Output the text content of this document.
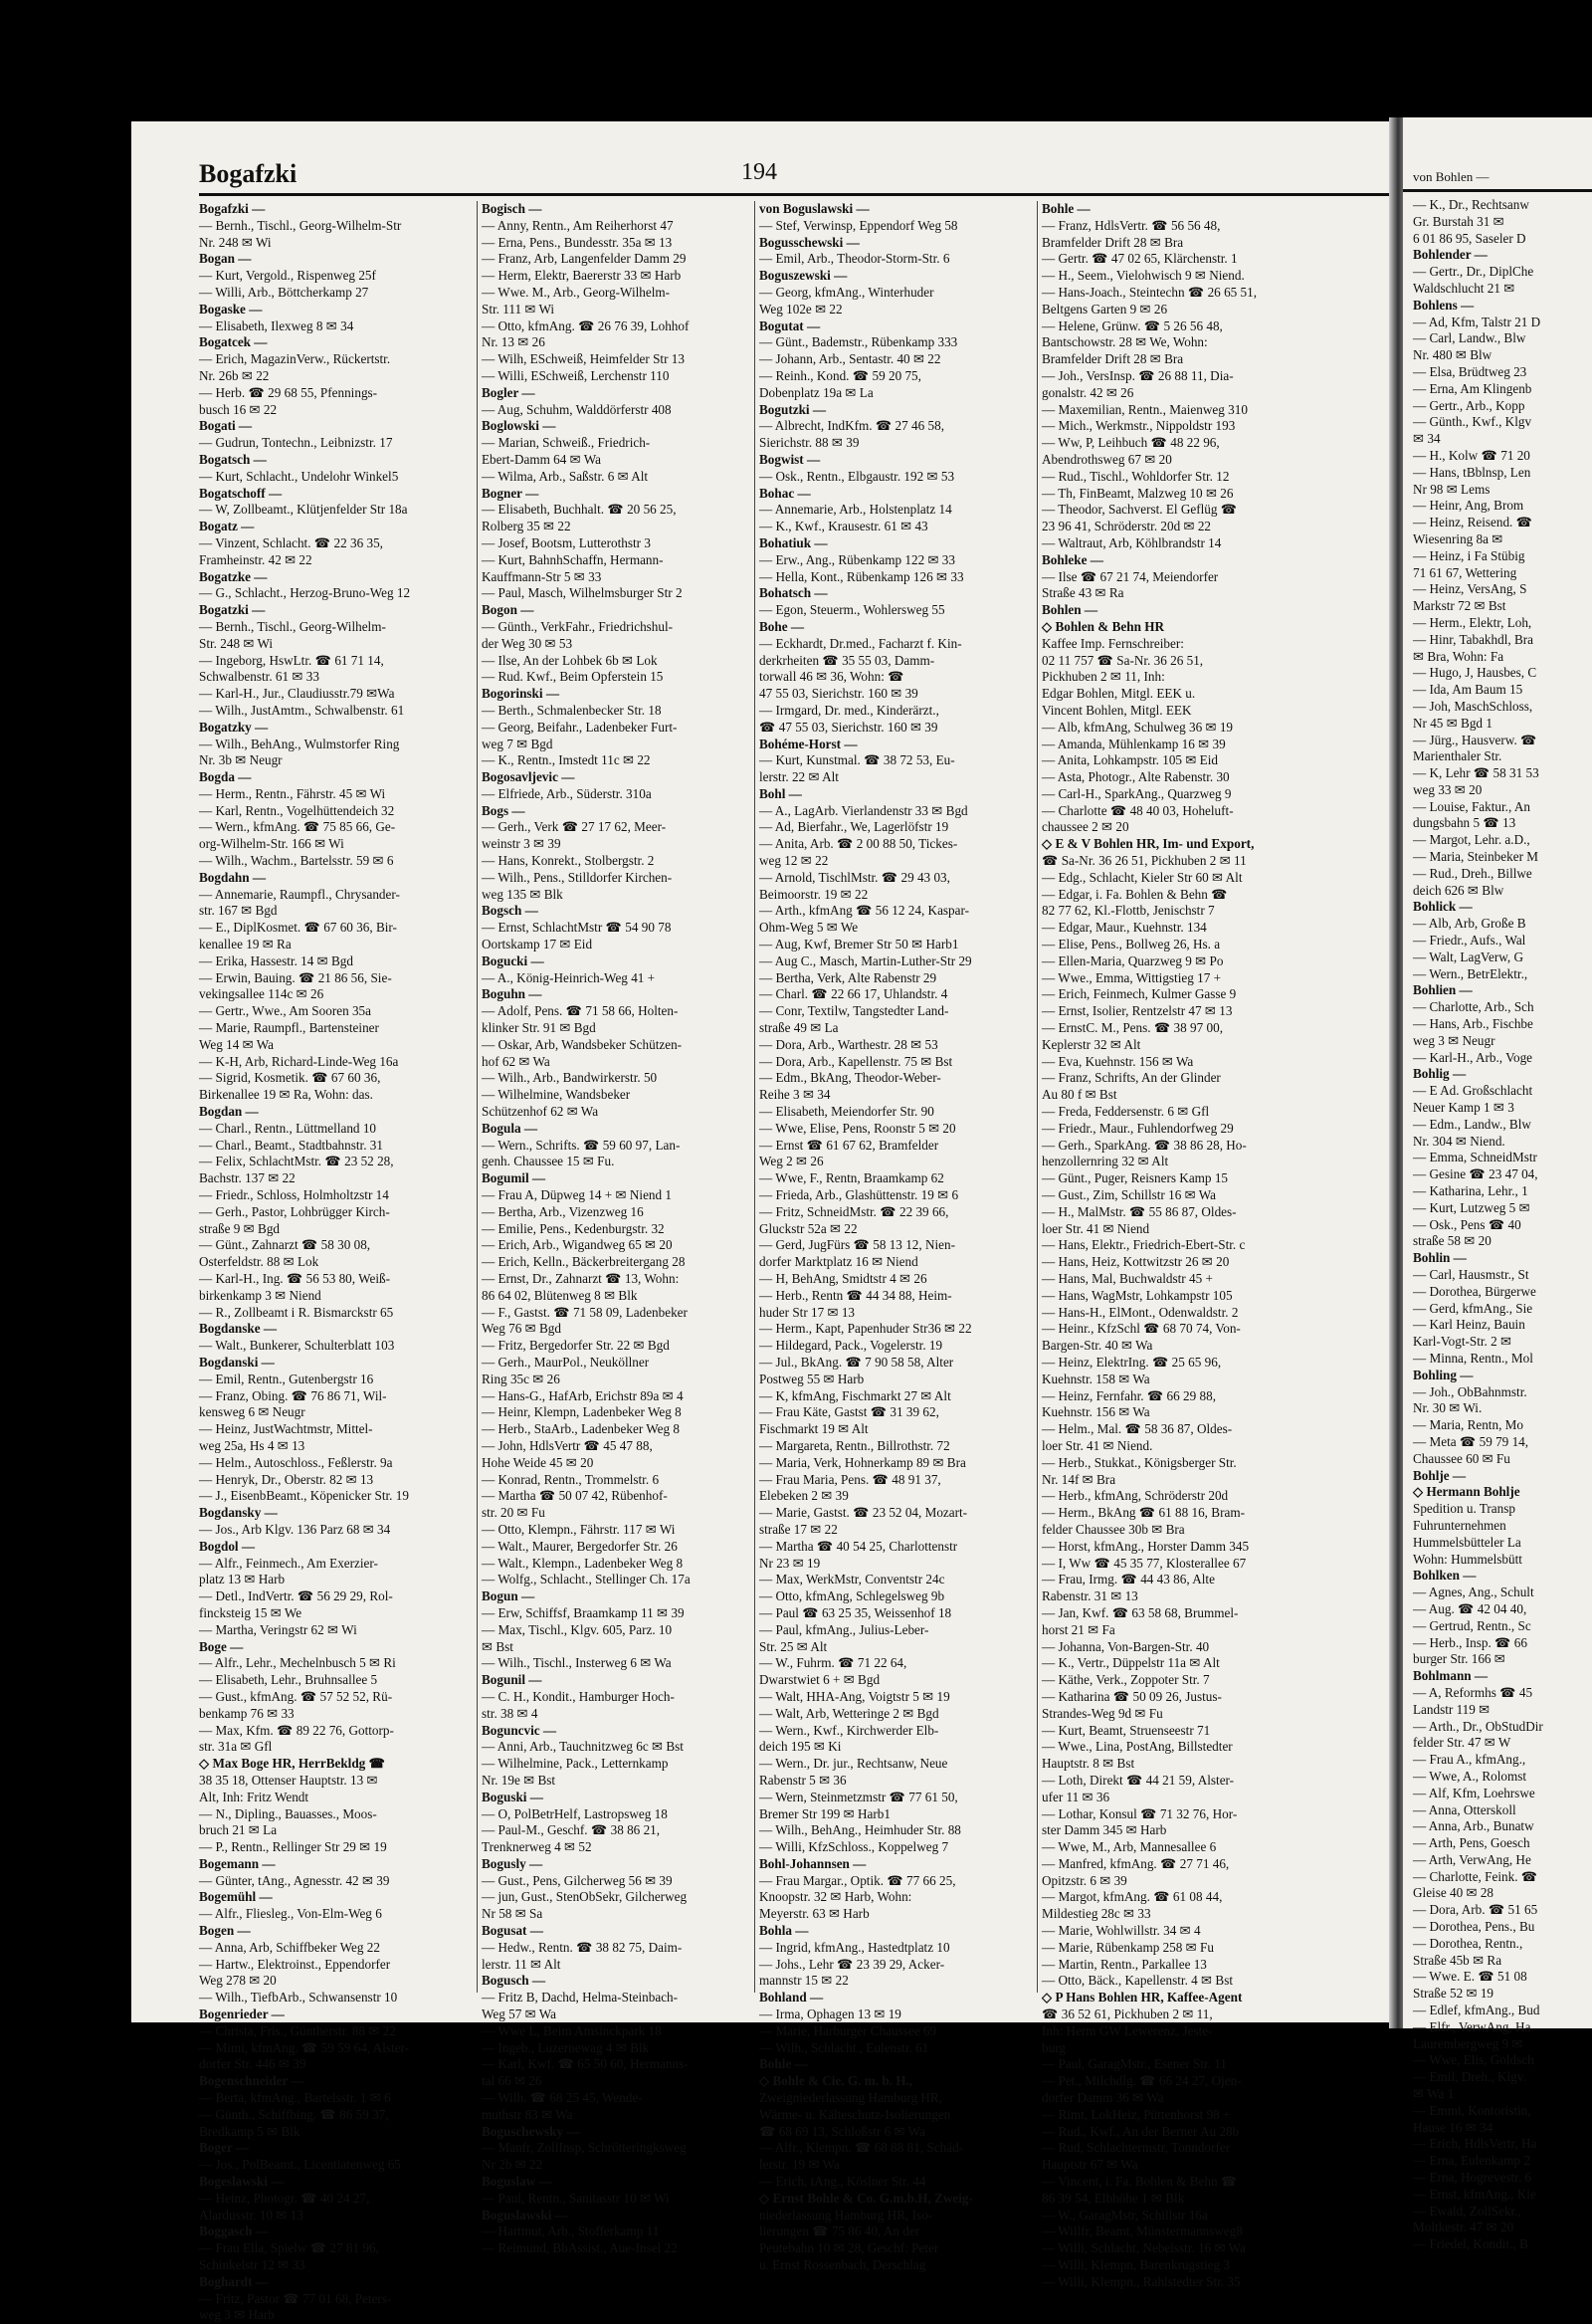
Bogafzki	194
Bogafzki —
— Bernh., Tischl., Georg-Wilhelm-Str
Nr. 248 ✉ Wi
Bogan —
— Kurt, Vergold., Rispenweg 25f
— Willi, Arb., Böttcherkamp 27
Bogaske —
— Elisabeth, Ilexweg 8 ✉ 34
Bogatcek —
— Erich, MagazinVerw., Rückertstr.
Nr. 26b ✉ 22
— Herb. ☎ 29 68 55, Pfennings-
busch 16 ✉ 22
Bogati —
— Gudrun, Tontechn., Leibnizstr. 17
Bogatsch —
— Kurt, Schlacht., Undelohr Winkel5
Bogatschoff —
— W, Zollbeamt., Klütjenfelder Str 18a
Bogatz —
— Vinzent, Schlacht. ☎ 22 36 35,
Framheinstr. 42 ✉ 22
Bogatzke —
— G., Schlacht., Herzog-Bruno-Weg 12
Bogatzki —
— Bernh., Tischl., Georg-Wilhelm-
Str. 248 ✉ Wi
— Ingeborg, HswLtr. ☎ 61 71 14,
Schwalbenstr. 61 ✉ 33
— Karl-H., Jur., Claudiusstr.79 ✉Wa
— Wilh., JustAmtm., Schwalbenstr. 61
Bogatzky —
— Wilh., BehAng., Wulmstorfer Ring
Nr. 3b ✉ Neugr
Bogda —
— Herm., Rentn., Fährstr. 45 ✉ Wi
— Karl, Rentn., Vogelhüttendeich 32
— Wern., kfmAng. ☎ 75 85 66, Ge-
org-Wilhelm-Str. 166 ✉ Wi
— Wilh., Wachm., Bartelsstr. 59 ✉ 6
Bogdahn —
— Annemarie, Raumpfl., Chrysander-
str. 167 ✉ Bgd
— E., DiplKosmet. ☎ 67 60 36, Bir-
kenallee 19 ✉ Ra
— Erika, Hassestr. 14 ✉ Bgd
— Erwin, Bauing. ☎ 21 86 56, Sie-
vekingsallee 114c ✉ 26
— Gertr., Wwe., Am Sooren 35a
— Marie, Raumpfl., Bartensteiner
Weg 14 ✉ Wa
— K-H, Arb, Richard-Linde-Weg 16a
— Sigrid, Kosmetik. ☎ 67 60 36,
Birkenallee 19 ✉ Ra, Wohn: das.
Bogdan —
— Charl., Rentn., Lüttmelland 10
— Charl., Beamt., Stadtbahnstr. 31
— Felix, SchlachtMstr. ☎ 23 52 28,
Bachstr. 137 ✉ 22
— Friedr., Schloss, Holmholtzstr 14
— Gerh., Pastor, Lohbrügger Kirch-
straße 9 ✉ Bgd
— Günt., Zahnarzt ☎ 58 30 08,
Osterfeldstr. 88 ✉ Lok
— Karl-H., Ing. ☎ 56 53 80, Weiß-
birkenkamp 3 ✉ Niend
— R., Zollbeamt i R. Bismarckstr 65
Bogdanske —
— Walt., Bunkerer, Schulterblatt 103
Bogdanski —
— Emil, Rentn., Gutenbergstr 16
— Franz, Obing. ☎ 76 86 71, Wil-
kensweg 6 ✉ Neugr
— Heinz, JustWachtmstr, Mittel-
weg 25a, Hs 4 ✉ 13
— Helm., Autoschloss., Feßlerstr. 9a
— Henryk, Dr., Oberstr. 82 ✉ 13
— J., EisenbBeamt., Köpenicker Str. 19
Bogdansky —
— Jos., Arb Klgv. 136 Parz 68 ✉ 34
Bogdol —
— Alfr., Feinmech., Am Exerzier-
platz 13 ✉ Harb
— Detl., IndVertr. ☎ 56 29 29, Rol-
fincksteig 15 ✉ We
— Martha, Veringstr 62 ✉ Wi
Boge —
— Alfr., Lehr., Mechelnbusch 5 ✉ Ri
— Elisabeth, Lehr., Bruhnsallee 5
— Gust., kfmAng. ☎ 57 52 52, Rü-
benkamp 76 ✉ 33
— Max, Kfm. ☎ 89 22 76, Gottorp-
str. 31a ✉ Gfl
◇ Max Boge HR, HerrBekldg ☎
38 35 18, Ottenser Hauptstr. 13 ✉
Alt, Inh: Fritz Wendt
— N., Dipling., Bauasses., Moos-
bruch 21 ✉ La
— P., Rentn., Rellinger Str 29 ✉ 19
Bogemann —
— Günter, tAng., Agnesstr. 42 ✉ 39
Bogemühl —
— Alfr., Fliesleg., Von-Elm-Weg 6
Bogen —
— Anna, Arb, Schiffbeker Weg 22
— Hartw., Elektroinst., Eppendorfer
Weg 278 ✉ 20
— Wilh., TiefbArb., Schwansenstr 10
Bogenrieder —
— Christa, Fris., Güntherstr. 88 ✉ 22
— Mimi, kfmAng. ☎ 59 59 64, Alster-
dorfer Str. 446 ✉ 39
Bogenschneider —
— Berta, kfmAng., Bartelsstr. 1 ✉ 6
— Günth., Schiffbing. ☎ 86 59 37,
Bredkamp 5 ✉ Blk
Boger —
— Jos., PolBeamt., Licentiatenweg 65
Bogeslawski —
— Heinz, Photogr. ☎ 40 24 27,
Alardusstr. 10 ✉ 13
Boggasch —
— Frau Ella, Spielw ☎ 27 81 96,
Schinkelstr 12 ✉ 33
Boghardt —
— Fritz, Pastor ☎ 77 01 68, Peters-
weg 3 ✉ Harb
Bogisch —
— Anny, Rentn., Am Reiherhorst 47
— Erna, Pens., Bundesstr. 35a ✉ 13
— Franz, Arb, Langenfelder Damm 29
— Herm, Elektr, Baererstr 33 ✉ Harb
— Wwe. M., Arb., Georg-Wilhelm-
Str. 111 ✉ Wi
— Otto, kfmAng. ☎ 26 76 39, Lohhof
Nr. 13 ✉ 26
— Wilh, ESchweiß, Heimfelder Str 13
— Willi, ESchweiß, Lerchenstr 110
Bogler —
— Aug, Schuhm, Walddörferstr 408
Boglowski —
— Marian, Schweiß., Friedrich-
Ebert-Damm 64 ✉ Wa
— Wilma, Arb., Saßstr. 6 ✉ Alt
Bogner —
— Elisabeth, Buchhalt. ☎ 20 56 25,
Rolberg 35 ✉ 22
— Josef, Bootsm, Lutterothstr 3
— Kurt, BahnhSchaffn, Hermann-
Kauffmann-Str 5 ✉ 33
— Paul, Masch, Wilhelmsburger Str 2
Bogon —
— Günth., VerkFahr., Friedrichshul-
der Weg 30 ✉ 53
— Ilse, An der Lohbek 6b ✉ Lok
— Rud. Kwf., Beim Opferstein 15
Bogorinski —
— Berth., Schmalenbecker Str. 18
— Georg, Beifahr., Ladenbeker Furt-
weg 7 ✉ Bgd
— K., Rentn., Imstedt 11c ✉ 22
Bogosavljevic —
— Elfriede, Arb., Süderstr. 310a
Bogs —
— Gerh., Verk ☎ 27 17 62, Meer-
weinstr 3 ✉ 39
— Hans, Konrekt., Stolbergstr. 2
— Wilh., Pens., Stilldorfer Kirchen-
weg 135 ✉ Blk
Bogsch —
— Ernst, SchlachtMstr ☎ 54 90 78
Oortskamp 17 ✉ Eid
Bogucki —
— A., König-Heinrich-Weg 41 +
Boguhn —
— Adolf, Pens. ☎ 71 58 66, Holten-
klinker Str. 91 ✉ Bgd
— Oskar, Arb, Wandsbeker Schützen-
hof 62 ✉ Wa
— Wilh., Arb., Bandwirkerstr. 50
— Wilhelmine, Wandsbeker
Schützenhof 62 ✉ Wa
Bogula —
— Wern., Schrifts. ☎ 59 60 97, Lan-
genh. Chaussee 15 ✉ Fu.
Bogumil —
— Frau A, Düpweg 14 + ✉ Niend 1
— Bertha, Arb., Vizenzweg 16
— Emilie, Pens., Kedenburgstr. 32
— Erich, Arb., Wigandweg 65 ✉ 20
— Erich, Kelln., Bäckerbreitergang 28
— Ernst, Dr., Zahnarzt ☎ 13, Wohn:
86 64 02, Blütenweg 8 ✉ Blk
— F., Gastst. ☎ 71 58 09, Ladenbeker
Weg 76 ✉ Bgd
— Fritz, Bergedorfer Str. 22 ✉ Bgd
— Gerh., MaurPol., Neuköllner
Ring 35c ✉ 26
— Hans-G., HafArb, Erichstr 89a ✉ 4
— Heinr, Klempn, Ladenbeker Weg 8
— Herb., StaArb., Ladenbeker Weg 8
— John, HdlsVertr ☎ 45 47 88,
Hohe Weide 45 ✉ 20
— Konrad, Rentn., Trommelstr. 6
— Martha ☎ 50 07 42, Rübenhof-
str. 20 ✉ Fu
— Otto, Klempn., Fährstr. 117 ✉ Wi
— Walt., Maurer, Bergedorfer Str. 26
— Walt., Klempn., Ladenbeker Weg 8
— Wolfg., Schlacht., Stellinger Ch. 17a
Bogun —
— Erw, Schiffsf, Braamkamp 11 ✉ 39
— Max, Tischl., Klgv. 605, Parz. 10
✉ Bst
— Wilh., Tischl., Insterweg 6 ✉ Wa
Bogunil —
— C. H., Kondit., Hamburger Hoch-
str. 38 ✉ 4
Boguncvic —
— Anni, Arb., Tauchnitzweg 6c ✉ Bst
— Wilhelmine, Pack., Letternkamp
Nr. 19e ✉ Bst
Boguski —
— O, PolBetrHelf, Lastropsweg 18
— Paul-M., Geschf. ☎ 38 86 21,
Trenknerweg 4 ✉ 52
Bogusly —
— Gust., Pens, Gilcherweg 56 ✉ 39
— jun, Gust., StenObSekr, Gilcherweg
Nr 58 ✉ Sa
Bogusat —
— Hedw., Rentn. ☎ 38 82 75, Daim-
lerstr. 11 ✉ Alt
Bogusch —
— Fritz B, Dachd, Helma-Steinbach-
Weg 57 ✉ Wa
— Wwe L, Beim Amsinckpark 18
— Ingeb., Luzernewag 4 ✉ Blk
— Karl, Kwf. ☎ 65 50 60, Hermanns-
tal 66 ✉ 26
— Wilh. ☎ 68 25 45, Wende-
muthstr 83 ✉ Wa
Boguschewsky —
— Manfr, ZollInsp, Schrötteringksweg
Nr 2b ✉ 22
Boguslaw —
— Paul, Rentn., Sanitasstr 10 ✉ Wi
Boguslawski —
— Hartmut, Arb., Stofferkamp 11
— Reimund, BbAssist., Aue-Insel 22
von Boguslawski —
— Stef, Verwinsp, Eppendorf Weg 58
Bogusschewski —
— Emil, Arb., Theodor-Storm-Str. 6
Boguszewski —
— Georg, kfmAng., Winterhuder
Weg 102e ✉ 22
Bogutat —
— Günt., Bademstr., Rübenkamp 333
— Johann, Arb., Sentastr. 40 ✉ 22
— Reinh., Kond. ☎ 59 20 75,
Dobenplatz 19a ✉ La
Bogutzki —
— Albrecht, IndKfm. ☎ 27 46 58,
Sierichstr. 88 ✉ 39
Bogwist —
— Osk., Rentn., Elbgaustr. 192 ✉ 53
Bohac —
— Annemarie, Arb., Holstenplatz 14
— K., Kwf., Krausestr. 61 ✉ 43
Bohatiuk —
— Erw., Ang., Rübenkamp 122 ✉ 33
— Hella, Kont., Rübenkamp 126 ✉ 33
Bohatsch —
— Egon, Steuerm., Wohlersweg 55
Bohe —
— Eckhardt, Dr.med., Facharzt f. Kin-
derkrheiten ☎ 35 55 03, Damm-
torwall 46 ✉ 36, Wohn: ☎
47 55 03, Sierichstr. 160 ✉ 39
— Irmgard, Dr. med., Kinderärzt.,
☎ 47 55 03, Sierichstr. 160 ✉ 39
Bohéme-Horst —
— Kurt, Kunstmal. ☎ 38 72 53, Eu-
lerstr. 22 ✉ Alt
Bohl —
— A., LagArb. Vierlandenstr 33 ✉ Bgd
— Ad, Bierfahr., We, Lagerlöfstr 19
— Anita, Arb. ☎ 2 00 88 50, Tickes-
weg 12 ✉ 22
— Arnold, TischlMstr. ☎ 29 43 03,
Beimoorstr. 19 ✉ 22
— Arth., kfmAng ☎ 56 12 24, Kaspar-
Ohm-Weg 5 ✉ We
— Aug, Kwf, Bremer Str 50 ✉ Harb1
— Aug C., Masch, Martin-Luther-Str 29
— Bertha, Verk, Alte Rabenstr 29
— Charl. ☎ 22 66 17, Uhlandstr. 4
— Conr, Textilw, Tangstedter Land-
straße 49 ✉ La
— Dora, Arb., Warthestr. 28 ✉ 53
— Dora, Arb., Kapellenstr. 75 ✉ Bst
— Edm., BkAng, Theodor-Weber-
Reihe 3 ✉ 34
— Elisabeth, Meiendorfer Str. 90
— Wwe, Elise, Pens, Roonstr 5 ✉ 20
— Ernst ☎ 61 67 62, Bramfelder
Weg 2 ✉ 26
— Wwe, F., Rentn, Braamkamp 62
— Frieda, Arb., Glashüttenstr. 19 ✉ 6
— Fritz, SchneidMstr. ☎ 22 39 66,
Gluckstr 52a ✉ 22
— Gerd, JugFürs ☎ 58 13 12, Nien-
dorfer Marktplatz 16 ✉ Niend
— H, BehAng, Smidtstr 4 ✉ 26
— Herb., Rentn ☎ 44 34 88, Heim-
huder Str 17 ✉ 13
— Herm., Kapt, Papenhuder Str36 ✉ 22
— Hildegard, Pack., Vogelerstr. 19
— Jul., BkAng. ☎ 7 90 58 58, Alter
Postweg 55 ✉ Harb
— K, kfmAng, Fischmarkt 27 ✉ Alt
— Frau Käte, Gastst ☎ 31 39 62,
Fischmarkt 19 ✉ Alt
— Margareta, Rentn., Billrothstr. 72
— Maria, Verk, Hohnerkamp 89 ✉ Bra
— Frau Maria, Pens. ☎ 48 91 37,
Elebeken 2 ✉ 39
— Marie, Gastst. ☎ 23 52 04, Mozart-
straße 17 ✉ 22
— Martha ☎ 40 54 25, Charlottenstr
Nr 23 ✉ 19
— Max, WerkMstr, Conventstr 24c
— Otto, kfmAng, Schlegelsweg 9b
— Paul ☎ 63 25 35, Weissenhof 18
— Paul, kfmAng., Julius-Leber-
Str. 25 ✉ Alt
— W., Fuhrm. ☎ 71 22 64,
Dwarstwiet 6 + ✉ Bgd
— Walt, HHA-Ang, Voigtstr 5 ✉ 19
— Walt, Arb, Wetteringe 2 ✉ Bgd
— Wern., Kwf., Kirchwerder Elb-
deich 195 ✉ Ki
— Wern., Dr. jur., Rechtsanw, Neue
Rabenstr 5 ✉ 36
— Wern, Steinmetzmstr ☎ 77 61 50,
Bremer Str 199 ✉ Harb1
— Wilh., BehAng., Heimhuder Str. 88
— Willi, KfzSchloss., Koppelweg 7
Bohl-Johannsen —
— Frau Margar., Optik. ☎ 77 66 25,
Knoopstr. 32 ✉ Harb, Wohn:
Meyerstr. 63 ✉ Harb
Bohla —
— Ingrid, kfmAng., Hastedtplatz 10
— Johs., Lehr ☎ 23 39 29, Acker-
mannstr 15 ✉ 22
Bohland —
— Irma, Ophagen 13 ✉ 19
— Marie, Harburger Chaussee 69
— Wilh., Schlacht., Eulenstr. 61
Bohle —
◇ Bohle & Cie. G. m. b. H.,
Zweigniederlassung Hamburg HR,
Wärme- u. Kälteschutz-Isolierungen
☎ 68 69 13, Schloßstr 6 ✉ Wa
— Alfr., Klempn. ☎ 68 88 81, Schäd-
lerstr. 19 ✉ Wa
— Erich, tAng., Köslner Str. 44
◇ Ernst Bohle & Co. G.m.b.H, Zweig-
niederlassung Hamburg HR, Iso-
lierungen ☎ 75 86 40, An der
Peutebahn 10 ✉ 28, Geschf: Peter
u. Ernst Rossenbach, Derschlag
Bohle —
— Franz, HdlsVertr. ☎ 56 56 48,
Bramfelder Drift 28 ✉ Bra
— Gertr. ☎ 47 02 65, Klärchenstr. 1
— H., Seem., Vielohwisch 9 ✉ Niend.
— Hans-Joach., Steintechn ☎ 26 65 51,
Beltgens Garten 9 ✉ 26
— Helene, Grünw. ☎ 5 26 56 48,
Bantschowstr. 28 ✉ We, Wohn:
Bramfelder Drift 28 ✉ Bra
— Joh., VersInsp. ☎ 26 88 11, Dia-
gonalstr. 42 ✉ 26
— Maxemilian, Rentn., Maienweg 310
— Mich., Werkmstr., Nippoldstr 193
— Ww, P, Leihbuch ☎ 48 22 96,
Abendrothsweg 67 ✉ 20
— Rud., Tischl., Wohldorfer Str. 12
— Th, FinBeamt, Malzweg 10 ✉ 26
— Theodor, Sachverst. El Geflüg ☎
23 96 41, Schröderstr. 20d ✉ 22
— Waltraut, Arb, Köhlbrandstr 14
Bohleke —
— Ilse ☎ 67 21 74, Meiendorfer
Straße 43 ✉ Ra
Bohlen —
◇ Bohlen & Behn HR
Kaffee Imp. Fernschreiber:
02 11 757 ☎ Sa-Nr. 36 26 51,
Pickhuben 2 ✉ 11, Inh:
Edgar Bohlen, Mitgl. EEK u.
Vincent Bohlen, Mitgl. EEK
— Alb, kfmAng, Schulweg 36 ✉ 19
— Amanda, Mühlenkamp 16 ✉ 39
— Anita, Lohkampstr. 105 ✉ Eid
— Asta, Photogr., Alte Rabenstr. 30
— Carl-H., SparkAng., Quarzweg 9
— Charlotte ☎ 48 40 03, Hoheluft-
chaussee 2 ✉ 20
◇ E & V Bohlen HR, Im- und Export,
☎ Sa-Nr. 36 26 51, Pickhuben 2 ✉ 11
— Edg., Schlacht, Kieler Str 60 ✉ Alt
— Edgar, i. Fa. Bohlen & Behn ☎
82 77 62, Kl.-Flottb, Jenischstr 7
— Edgar, Maur., Kuehnstr. 134
— Elise, Pens., Bollweg 26, Hs. a
— Ellen-Maria, Quarzweg 9 ✉ Po
— Wwe., Emma, Wittigstieg 17 +
— Erich, Feinmech, Kulmer Gasse 9
— Ernst, Isolier, Rentzelstr 47 ✉ 13
— ErnstC. M., Pens. ☎ 38 97 00,
Keplerstr 32 ✉ Alt
— Eva, Kuehnstr. 156 ✉ Wa
— Franz, Schrifts, An der Glinder
Au 80 f ✉ Bst
— Freda, Feddersenstr. 6 ✉ Gfl
— Friedr., Maur., Fuhlendorfweg 29
— Gerh., SparkAng. ☎ 38 86 28, Ho-
henzollernring 32 ✉ Alt
— Günt., Puger, Reisners Kamp 15
— Gust., Zim, Schillstr 16 ✉ Wa
— H., MalMstr. ☎ 55 86 87, Oldes-
loer Str. 41 ✉ Niend
— Hans, Elektr., Friedrich-Ebert-Str. c
— Hans, Heiz, Kottwitzstr 26 ✉ 20
— Hans, Mal, Buchwaldstr 45 +
— Hans, WagMstr, Lohkampstr 105
— Hans-H., ElMont., Odenwaldstr. 2
— Heinr., KfzSchl ☎ 68 70 74, Von-
Bargen-Str. 40 ✉ Wa
— Heinz, ElektrIng. ☎ 25 65 96,
Kuehnstr. 158 ✉ Wa
— Heinz, Fernfahr. ☎ 66 29 88,
Kuehnstr. 156 ✉ Wa
— Helm., Mal. ☎ 58 36 87, Oldes-
loer Str. 41 ✉ Niend.
— Herb., Stukkat., Königsberger Str.
Nr. 14f ✉ Bra
— Herb., kfmAng, Schröderstr 20d
— Herm., BkAng ☎ 61 88 16, Bram-
felder Chaussee 30b ✉ Bra
— Horst, kfmAng., Horster Damm 345
— I, Ww ☎ 45 35 77, Klosterallee 67
— Frau, Irmg. ☎ 44 43 86, Alte
Rabenstr. 31 ✉ 13
— Jan, Kwf. ☎ 63 58 68, Brummel-
horst 21 ✉ Fa
— Johanna, Von-Bargen-Str. 40
— K., Vertr., Düppelstr 11a ✉ Alt
— Käthe, Verk., Zoppoter Str. 7
— Katharina ☎ 50 09 26, Justus-
Strandes-Weg 9d ✉ Fu
— Kurt, Beamt, Struenseestr 71
— Wwe., Lina, PostAng, Billstedter
Hauptstr. 8 ✉ Bst
— Loth, Direkt ☎ 44 21 59, Alster-
ufer 11 ✉ 36
— Lothar, Konsul ☎ 71 32 76, Hor-
ster Damm 345 ✉ Harb
— Wwe, M., Arb, Mannesallee 6
— Manfred, kfmAng. ☎ 27 71 46,
Opitzstr. 6 ✉ 39
— Margot, kfmAng. ☎ 61 08 44,
Mildestieg 28c ✉ 33
— Marie, Wohlwillstr. 34 ✉ 4
— Marie, Rübenkamp 258 ✉ Fu
— Martin, Rentn., Parkallee 13
— Otto, Bäck., Kapellenstr. 4 ✉ Bst
◇ P Hans Bohlen HR, Kaffee-Agent
☎ 36 52 61, Pickhuben 2 ✉ 11,
Inh: Herm GW Lewerenz, Jeste-
burg
— Paul, GaragMstr., Esener Str. 11
— Pet., Milchdlg. ☎ 66 24 27, Ojen-
dorfer Damm 36 ✉ Wa
— Rimt, LokHeiz, Püttenhorst 98 +
— Rud., Kwf., An der Berner Au 28b
— Rud, Schlachtermstr, Tonndorfer
Hauptstr 67 ✉ Wa
— Vincent, i. Fa. Bohlen & Behn ☎
86 39 54, Elbhöhe 1 ✉ Blk
— W., GaragMstr, Schillstr 16a
— Willfr, Beamt, Münstermannsweg8
— Willi, Schlacht, Nebelsstr. 16 ✉ Wa
— Willi, Klempn, Barenkrugstieg 3
— Willi, Klempn., Rahlstedter Str. 35
von Bohlen —
— K., Dr., Rechtsanw
Gr. Burstah 31 ✉
6 01 86 95, Saseler D
Bohlender —
— Gertr., Dr., DiplChe
Waldschlucht 21 ✉
Bohlens —
— Ad, Kfm, Talstr 21 D
— Carl, Landw., Blw
Nr. 480 ✉ Blw
— Elsa, Brüdtweg 23
— Erna, Am Klingenb
— Gertr., Arb., Kopp
— Günth., Kwf., Klgv
✉ 34
— H., Kolw ☎ 71 20
— Hans, tBblnsp, Len
Nr 98 ✉ Lems
— Heinr, Ang, Brom
— Heinz, Reisend. ☎
Wiesenring 8a ✉
— Heinz, i Fa Stübig
71 61 67, Wettering
— Heinz, VersAng, S
Markstr 72 ✉ Bst
— Herm., Elektr, Loh,
— Hinr, Tabakhdl, Bra
✉ Bra, Wohn: Fa
— Hugo, J, Hausbes, C
— Ida, Am Baum 15
— Joh, MaschSchloss,
Nr 45 ✉ Bgd 1
— Jürg., Hausverw. ☎
Marienthaler Str.
— K, Lehr ☎ 58 31 53
weg 33 ✉ 20
— Louise, Faktur., An
dungsbahn 5 ☎ 13
— Margot, Lehr. a.D.,
— Maria, Steinbeker M
— Rud., Dreh., Billwe
deich 626 ✉ Blw
Bohlick —
— Alb, Arb, Große B
— Friedr., Aufs., Wal
— Walt, LagVerw, G
— Wern., BetrElektr.,
Bohlien —
— Charlotte, Arb., Sch
— Hans, Arb., Fischbe
weg 3 ✉ Neugr
— Karl-H., Arb., Voge
Bohlig —
— E Ad. Großschlacht
Neuer Kamp 1 ✉ 3
— Edm., Landw., Blw
Nr. 304 ✉ Niend.
— Emma, SchneidMstr
— Gesine ☎ 23 47 04,
— Katharina, Lehr., 1
— Kurt, Lutzweg 5 ✉
— Osk., Pens ☎ 40
straße 58 ✉ 20
Bohlin —
— Carl, Hausmstr., St
— Dorothea, Bürgerwe
— Gerd, kfmAng., Sie
— Karl Heinz, Bauin
Karl-Vogt-Str. 2 ✉
— Minna, Rentn., Mol
Bohling —
— Joh., ObBahnmstr.
Nr. 30 ✉ Wi.
— Maria, Rentn, Mo
— Meta ☎ 59 79 14,
Chaussee 60 ✉ Fu
Bohlje —
◇ Hermann Bohlje
Spedition u. Transp
Fuhrunternehmen
Hummelsbütteler La
Wohn: Hummelsbütt
Bohlken —
— Agnes, Ang., Schult
— Aug. ☎ 42 04 40,
— Gertrud, Rentn., Sc
— Herb., Insp. ☎ 66
burger Str. 166 ✉
Bohlmann —
— A, Reformhs ☎ 45
Landstr 119 ✉
— Arth., Dr., ObStudDir
felder Str. 47 ✉ W
— Frau A., kfmAng.,
— Wwe, A., Rolomst
— Alf, Kfm, Loehrswe
— Anna, Otterskoll
— Anna, Arb., Bunatw
— Arth, Pens, Goesch
— Arth, VerwAng, He
— Charlotte, Feink. ☎
Gleise 40 ✉ 28
— Dora, Arb. ☎ 51 65
— Dorothea, Pens., Bu
— Dorothea, Rentn.,
Straße 45b ✉ Ra
— Wwe. E. ☎ 51 08
Straße 52 ✉ 19
— Edlef, kfmAng., Bud
— Elfr., VerwAng, Ha
Laurembergweg 9 ✉
— Wwe, Elis, Goldsch
— Emil, Dreh., Klgv.
✉ Wa 1
— Emmi, Kontoristin,
Hause 16 ✉ 34
— Erich, HdlsVertr, Ha
— Erna, Eulenkamp 2
— Erna, Hogrevestr. 6
— Ernst, kfmAng., Kie
— Ewald, ZollSekr.,
Moltkestr. 47 ✉ 20
— Friedel, Kondit., B
